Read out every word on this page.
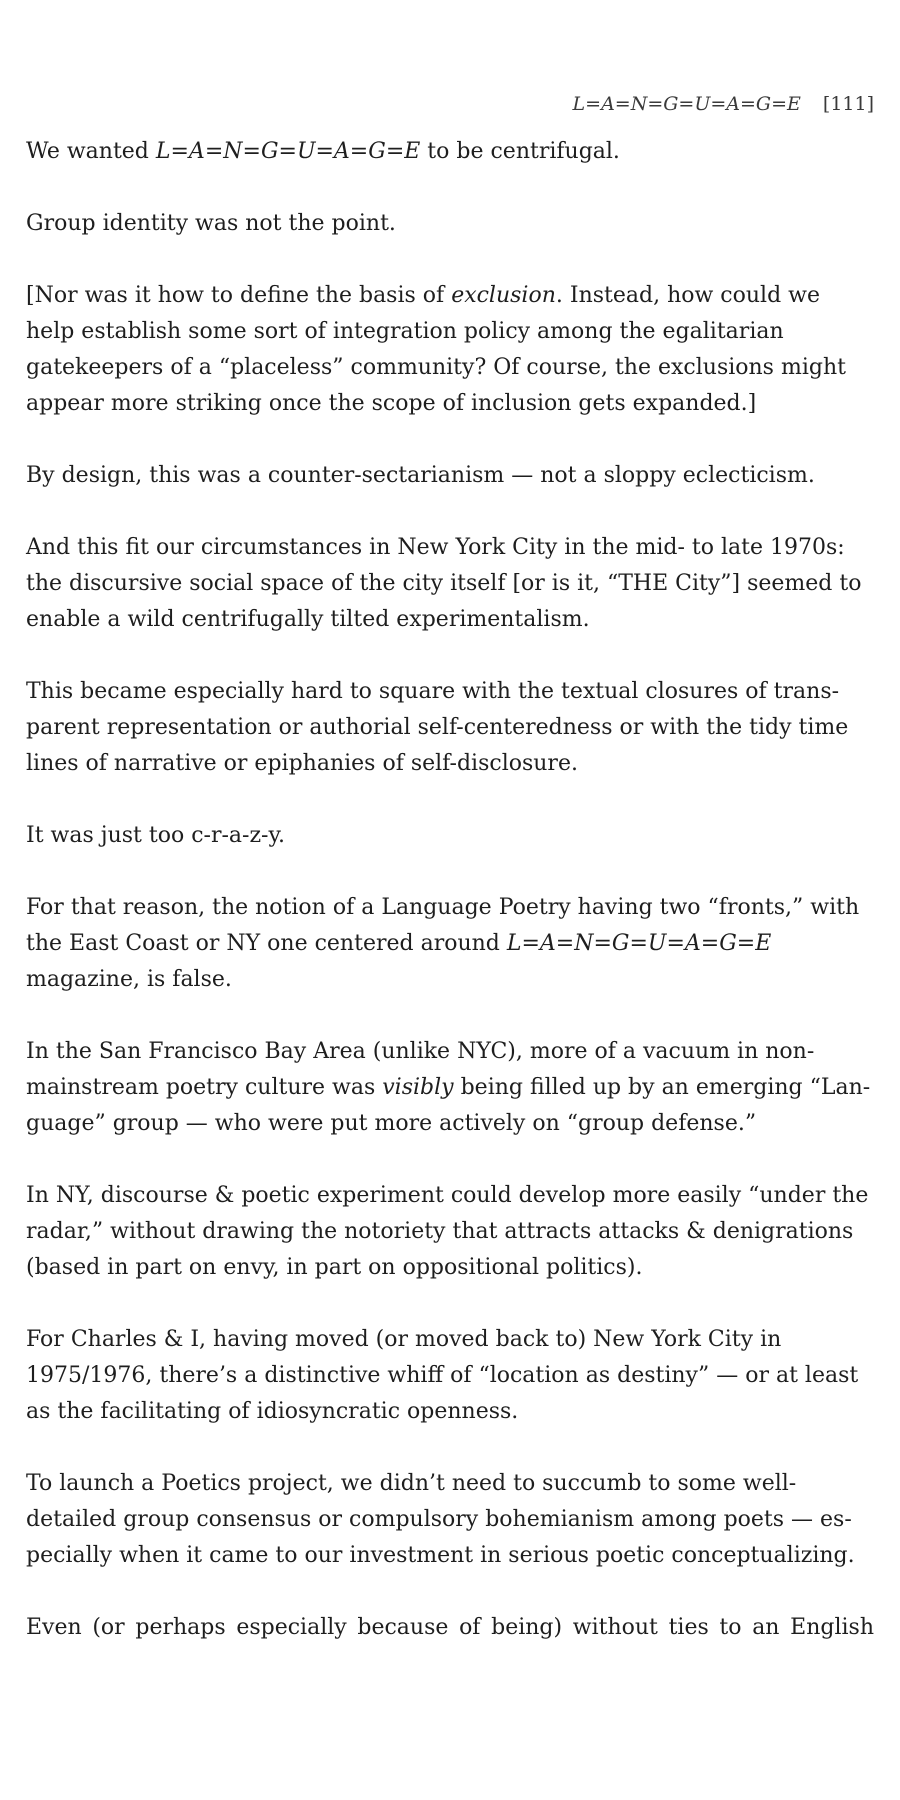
L=A=N=G=U=A=G=E [111]

We wanted L=A=N=G=U=A=G=E to be centrifugal.

Group identity was not the point.

[Nor was it how to define the basis of exclusion. Instead, how could we help establish some sort of integration policy among the egalitarian gatekeepers of a “placeless” community? Of course, the exclusions might appear more striking once the scope of inclusion gets expanded.]

By design, this was a counter-sectarianism — not a sloppy eclecticism.

And this fit our circumstances in New York City in the mid- to late 1970s: the discursive social space of the city itself [or is it, “THE City”] seemed to enable a wild centrifugally tilted experimentalism.

This became especially hard to square with the textual closures of transparent representation or authorial self-centeredness or with the tidy time lines of narrative or epiphanies of self-disclosure.

It was just too c-r-a-z-y.

For that reason, the notion of a Language Poetry having two “fronts,” with the East Coast or NY one centered around L=A=N=G=U=A=G=E magazine, is false.

In the San Francisco Bay Area (unlike NYC), more of a vacuum in nonmainstream poetry culture was visibly being filled up by an emerging “Language” group — who were put more actively on “group defense.”

In NY, discourse & poetic experiment could develop more easily “under the radar,” without drawing the notoriety that attracts attacks & denigrations (based in part on envy, in part on oppositional politics).

For Charles & I, having moved (or moved back to) New York City in 1975/1976, there’s a distinctive whiff of “location as destiny” — or at least as the facilitating of idiosyncratic openness.

To launch a Poetics project, we didn’t need to succumb to some well-detailed group consensus or compulsory bohemianism among poets — especially when it came to our investment in serious poetic conceptualizing.

Even (or perhaps especially because of being) without ties to an English
